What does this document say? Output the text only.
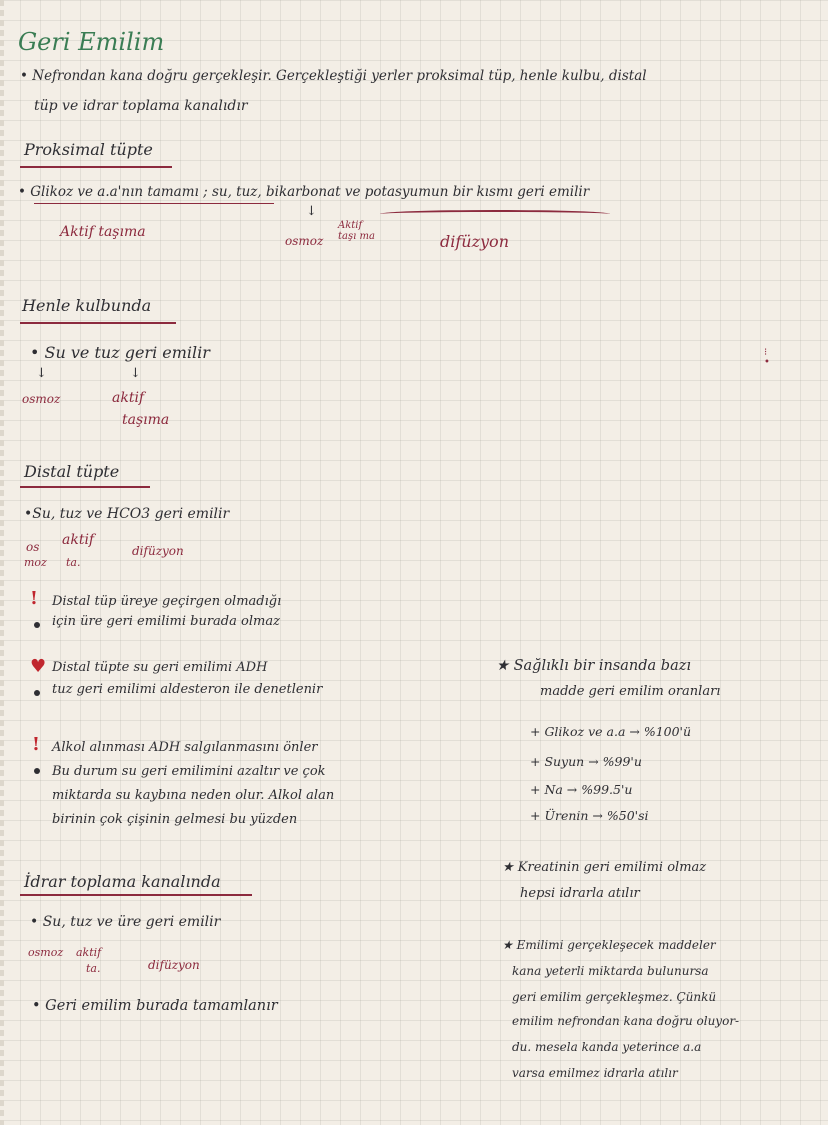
Geri Emilim
• Nefrondan kana doğru gerçekleşir. Gerçekleştiği yerler proksimal tüp, henle kulbu, distal
tüp ve idrar toplama kanalıdır
Proksimal tüpte
• Glikoz ve a.a'nın tamamı ; su, tuz, bikarbonat ve potasyumun bir kısmı geri emilir
Aktif taşıma
↓
osmoz
Aktif taşı ma	difüzyon
Henle kulbunda
• Su ve tuz geri emilir
↓	↓
osmoz	aktif
taşıma
⁝
•
Distal tüpte
•Su, tuz ve HCO3 geri emilir
os
moz
aktif
ta.
difüzyon
! Distal tüp üreye geçirgen olmadığı
için üre geri emilimi burada olmaz
♥ Distal tüpte su geri emilimi ADH
tuz geri emilimi aldesteron ile denetlenir
! Alkol alınması ADH salgılanmasını önler
Bu durum su geri emilimini azaltır ve çok
miktarda su kaybına neden olur. Alkol alan
birinin çok çişinin gelmesi bu yüzden
İdrar toplama kanalında
• Su, tuz ve üre geri emilir
osmoz aktif
ta.	difüzyon
• Geri emilim burada tamamlanır
★ Sağlıklı bir insanda bazı
madde geri emilim oranları
+ Glikoz ve a.a → %100'ü
+ Suyun → %99'u
+ Na → %99.5'u
+ Ürenin → %50'si
★ Kreatinin geri emilimi olmaz
hepsi idrarla atılır
★ Emilimi gerçekleşecek maddeler
kana yeterli miktarda bulunursa
geri emilim gerçekleşmez. Çünkü
emilim nefrondan kana doğru oluyor-
du. mesela kanda yeterince a.a
varsa emilmez idrarla atılır
